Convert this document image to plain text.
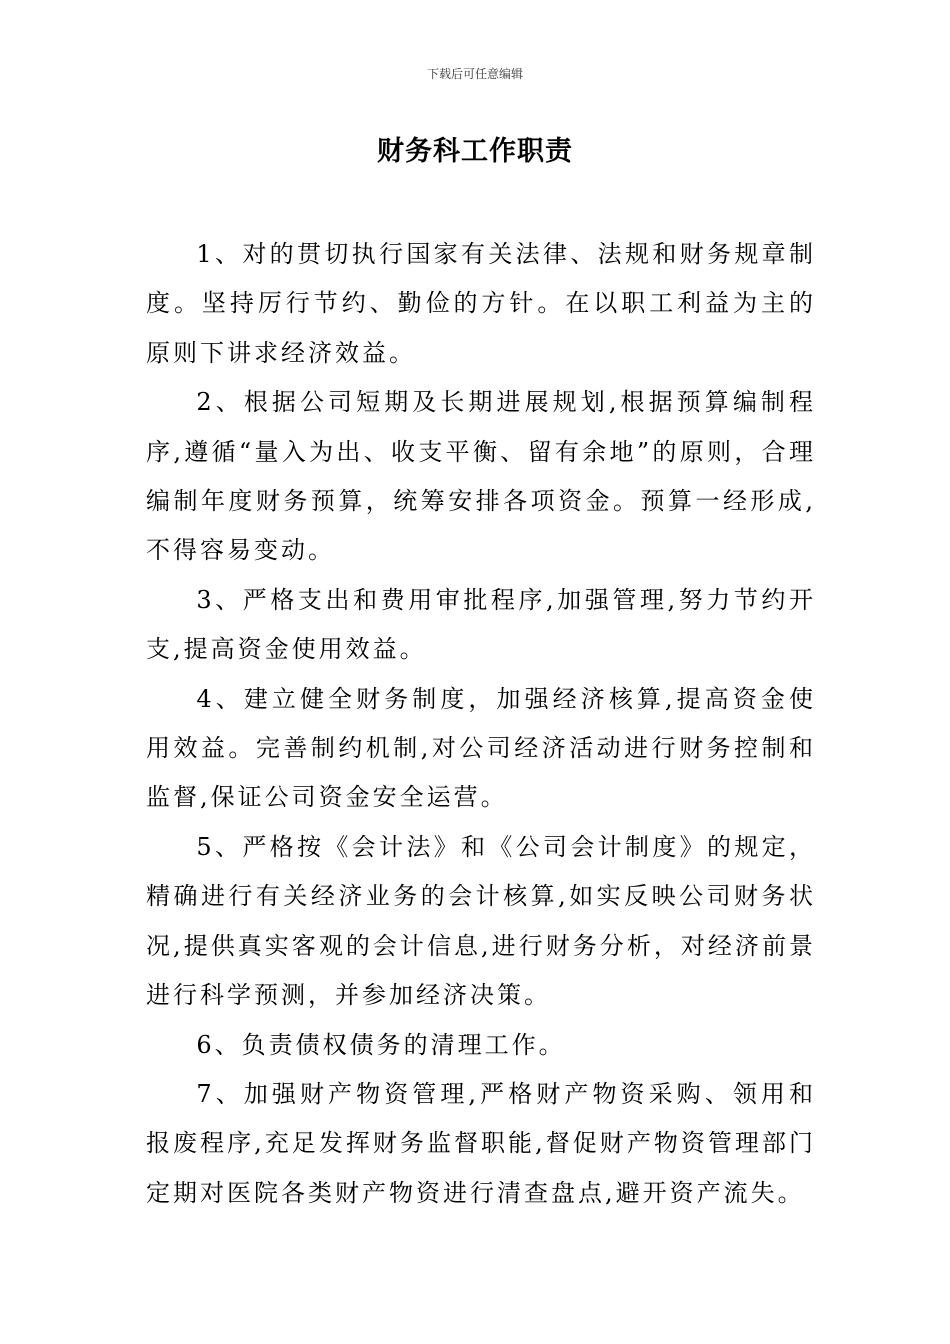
下载后可任意编辑
财务科工作职责

1、对的贯切执行国家有关法律、法规和财务规章制度。坚持厉行节约、勤俭的方针。在以职工利益为主的原则下讲求经济效益。

2、根据公司短期及长期进展规划,根据预算编制程序,遵循“量入为出、收支平衡、留有余地”的原则，合理编制年度财务预算，统筹安排各项资金。预算一经形成,不得容易变动。

3、严格支出和费用审批程序,加强管理,努力节约开支,提高资金使用效益。

4、建立健全财务制度，加强经济核算,提高资金使用效益。完善制约机制,对公司经济活动进行财务控制和监督,保证公司资金安全运营。

5、严格按《会计法》和《公司会计制度》的规定，精确进行有关经济业务的会计核算,如实反映公司财务状况,提供真实客观的会计信息,进行财务分析，对经济前景进行科学预测，并参加经济决策。

6、负责债权债务的清理工作。

7、加强财产物资管理,严格财产物资采购、领用和报废程序,充足发挥财务监督职能,督促财产物资管理部门定期对医院各类财产物资进行清查盘点,避开资产流失。
